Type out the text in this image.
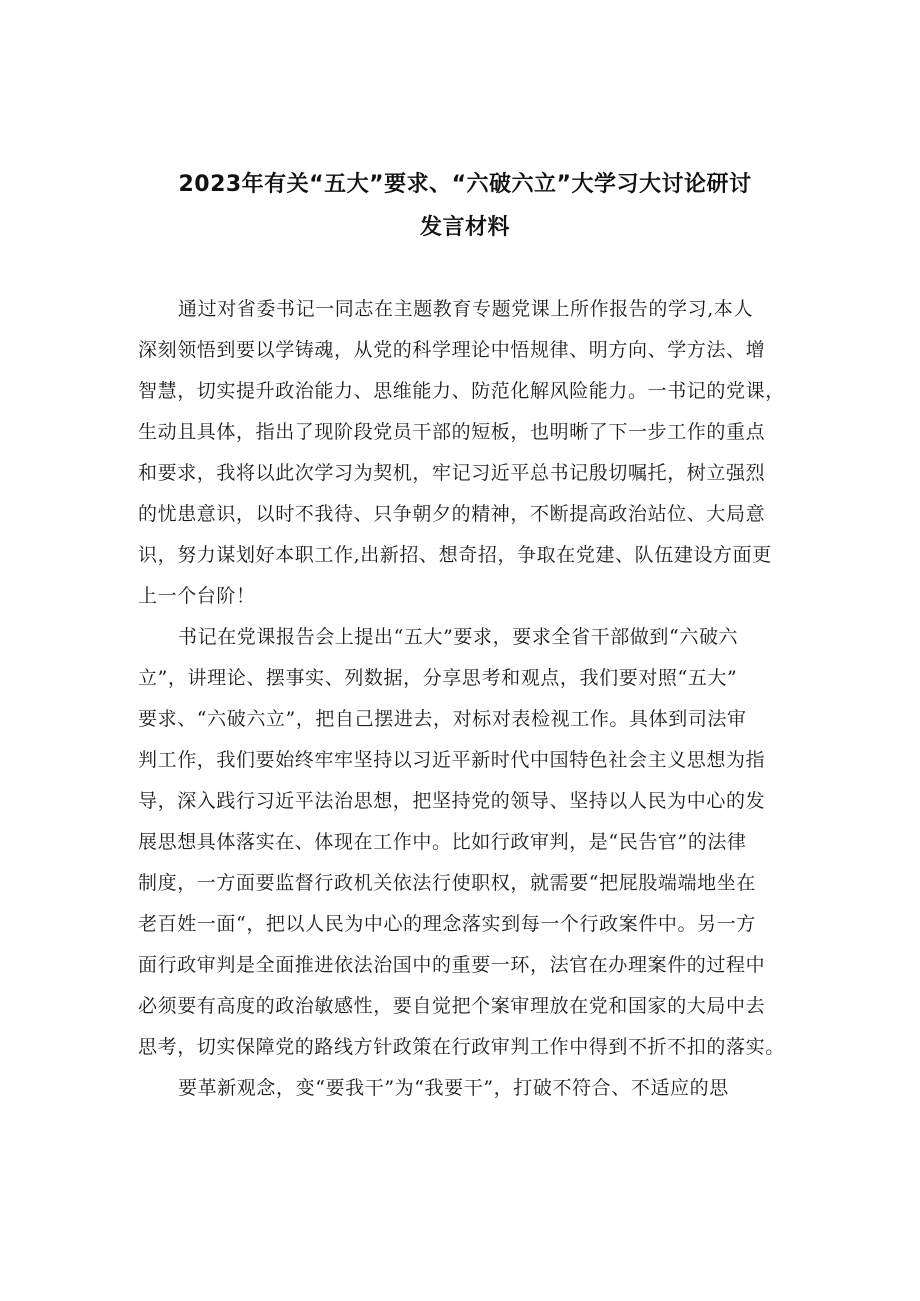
2023年有关“五大”要求、“六破六立”大学习大讨论研讨
发言材料
通过对省委书记一同志在主题教育专题党课上所作报告的学习,本人
深刻领悟到要以学铸魂，从党的科学理论中悟规律、明方向、学方法、增
智慧，切实提升政治能力、思维能力、防范化解风险能力。一书记的党课，
生动且具体，指出了现阶段党员干部的短板，也明晰了下一步工作的重点
和要求，我将以此次学习为契机，牢记习近平总书记殷切嘱托，树立强烈
的忧患意识，以时不我待、只争朝夕的精神，不断提高政治站位、大局意
识，努力谋划好本职工作,出新招、想奇招，争取在党建、队伍建设方面更
上一个台阶！
书记在党课报告会上提出“五大”要求，要求全省干部做到“六破六
立”，讲理论、摆事实、列数据，分享思考和观点，我们要对照“五大”
要求、“六破六立”，把自己摆进去，对标对表检视工作。具体到司法审
判工作，我们要始终牢牢坚持以习近平新时代中国特色社会主义思想为指
导，深入践行习近平法治思想，把坚持党的领导、坚持以人民为中心的发
展思想具体落实在、体现在工作中。比如行政审判，是“民告官”的法律
制度，一方面要监督行政机关依法行使职权，就需要“把屁股端端地坐在
老百姓一面“，把以人民为中心的理念落实到每一个行政案件中。另一方
面行政审判是全面推进依法治国中的重要一环，法官在办理案件的过程中
必须要有高度的政治敏感性，要自觉把个案审理放在党和国家的大局中去
思考，切实保障党的路线方针政策在行政审判工作中得到不折不扣的落实。
要革新观念，变“要我干”为“我要干”，打破不符合、不适应的思
